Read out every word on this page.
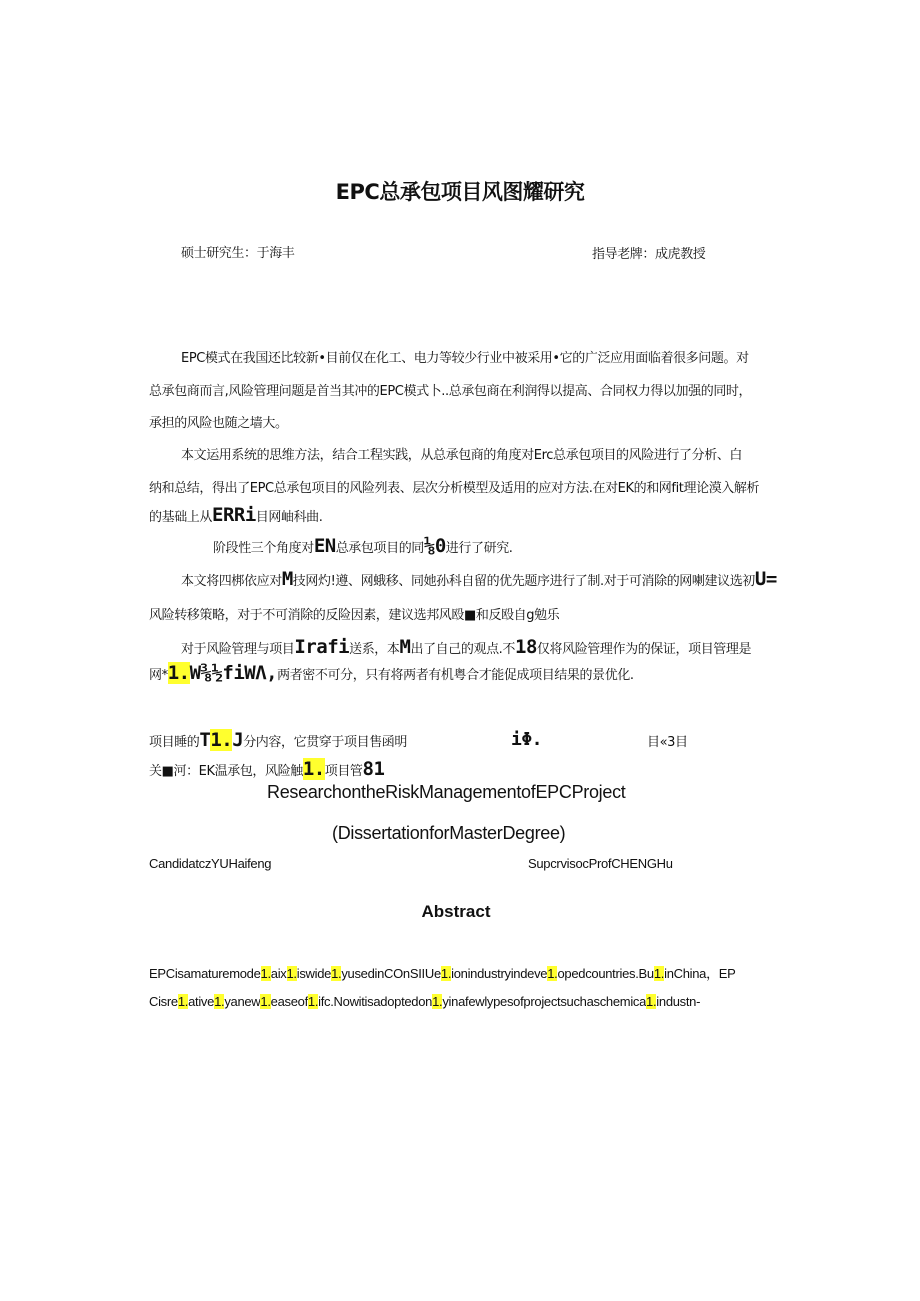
EPC总承包项目风图耀研究
硕士研究生：于海丰	指导老牌：成虎教授
EPC模式在我国还比较新•目前仅在化工、电力等较少行业中被采用•它的广泛应用面临着很多问题。对
总承包商而言,风险管理问题是首当其冲的EPC模式卜..总承包商在利润得以提高、合同权力得以加强的同时，
承担的风险也随之墙大。
本文运用系统的思维方法，结合工程实践，从总承包商的角度对Erc总承包项目的风险进行了分析、白
纳和总结，得出了EPC总承包项目的风险列表、层次分析模型及适用的应对方法.在对EK的和网fit理论漠入解析
的基础上从ERRi目网岫科曲.
阶段性三个角度对EN总承包项目的同⅛0进行了研究.
本文将四梆依应对M技网灼!遵、网蛾移、同她孙科自留的优先题序进行了制.对于可消除的网喇建议选初U=
风险转移策略，对于不可消除的反险因素，建议选邦风殴■和反殴自g勉乐
对于风险管理与项目Irafi送系，本M出了自己的观点.不18仅将风险管理作为的保证，项目管理是
网*1.W⅜½fiWΛ,两者密不可分，只有将两者有机粤合才能促成项目结果的景优化.
项目睡的T1.J分内容，它贯穿于项目售函明	iΦ.	目«3目
关■河：EK温承包，风险触1.项目管81
ResearchontheRiskManagementofEPCProject
(DissertationforMasterDegree)
CandidatczYUHaifeng	SupcrvisocProfCHENGHu
Abstract
EPCisamaturemode1.aix1.iswide1.yusedinCOnSIIUe1.ionindustryindeve1.opedcountries.Bu1.inChina，EP
Cisre1.ative1.yanew1.easeof1.ifc.Nowitisadoptedon1.yinafewlypesofprojectsuchaschemica1.industn-
